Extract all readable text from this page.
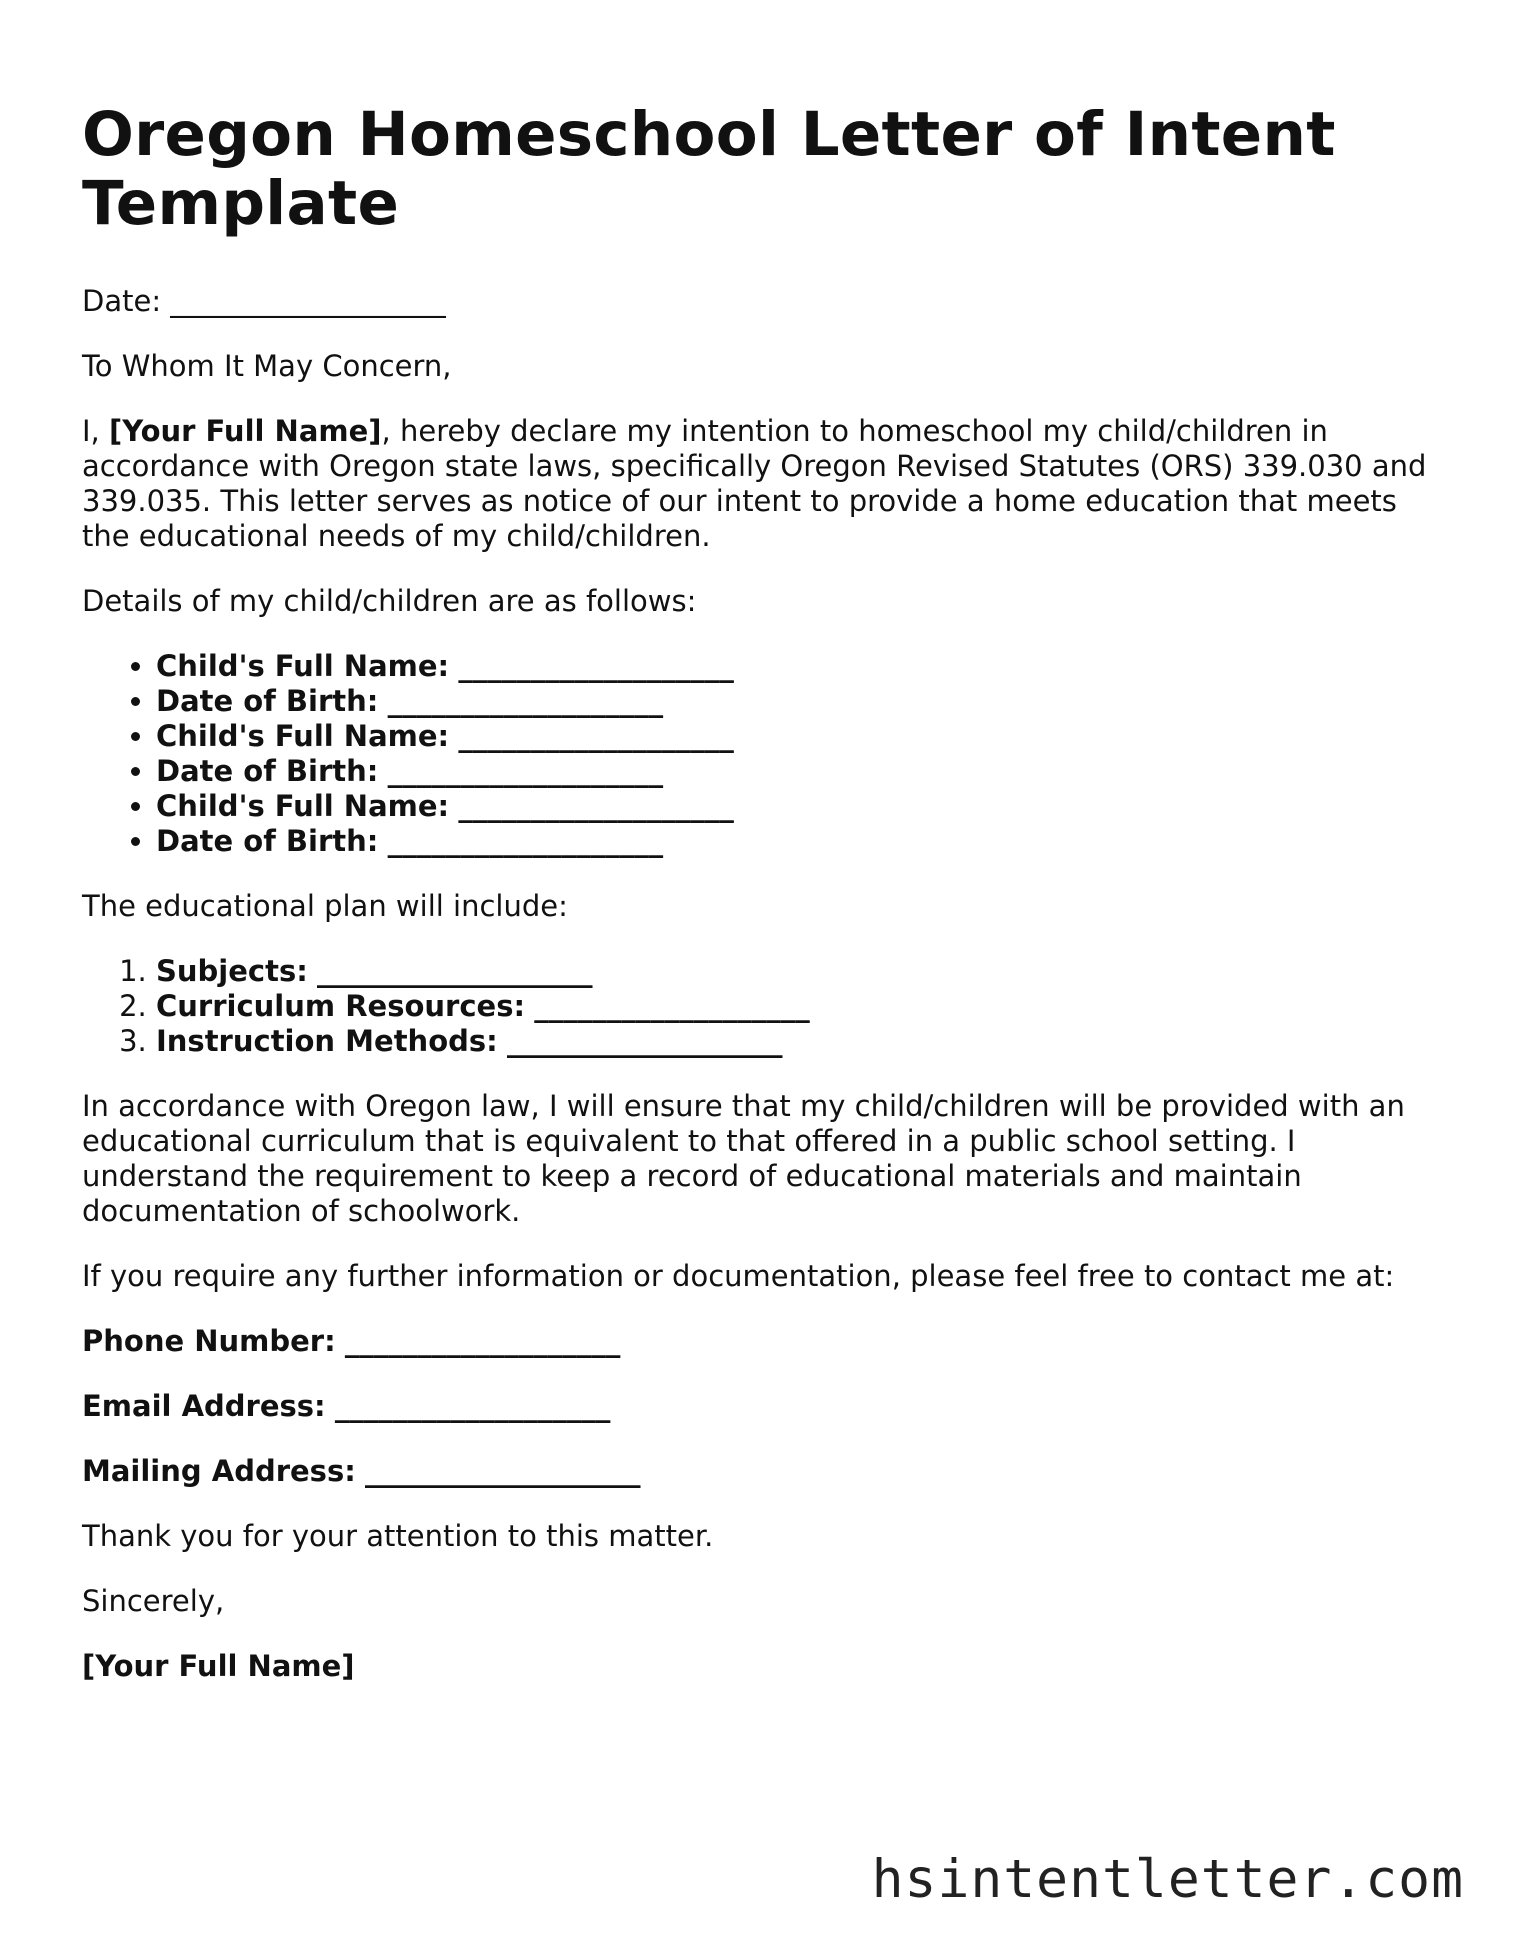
Oregon Homeschool Letter of Intent Template

Date: ___________________

To Whom It May Concern,

I, [Your Full Name], hereby declare my intention to homeschool my child/children in accordance with Oregon state laws, specifically Oregon Revised Statutes (ORS) 339.030 and 339.035. This letter serves as notice of our intent to provide a home education that meets the educational needs of my child/children.

Details of my child/children are as follows:

• Child's Full Name: ___________________
• Date of Birth: ___________________
• Child's Full Name: ___________________
• Date of Birth: ___________________
• Child's Full Name: ___________________
• Date of Birth: ___________________

The educational plan will include:

1. Subjects: ___________________
2. Curriculum Resources: ___________________
3. Instruction Methods: ___________________

In accordance with Oregon law, I will ensure that my child/children will be provided with an educational curriculum that is equivalent to that offered in a public school setting. I understand the requirement to keep a record of educational materials and maintain documentation of schoolwork.

If you require any further information or documentation, please feel free to contact me at:

Phone Number: ___________________

Email Address: ___________________

Mailing Address: ___________________

Thank you for your attention to this matter.

Sincerely,

[Your Full Name]

hsintentletter.com
